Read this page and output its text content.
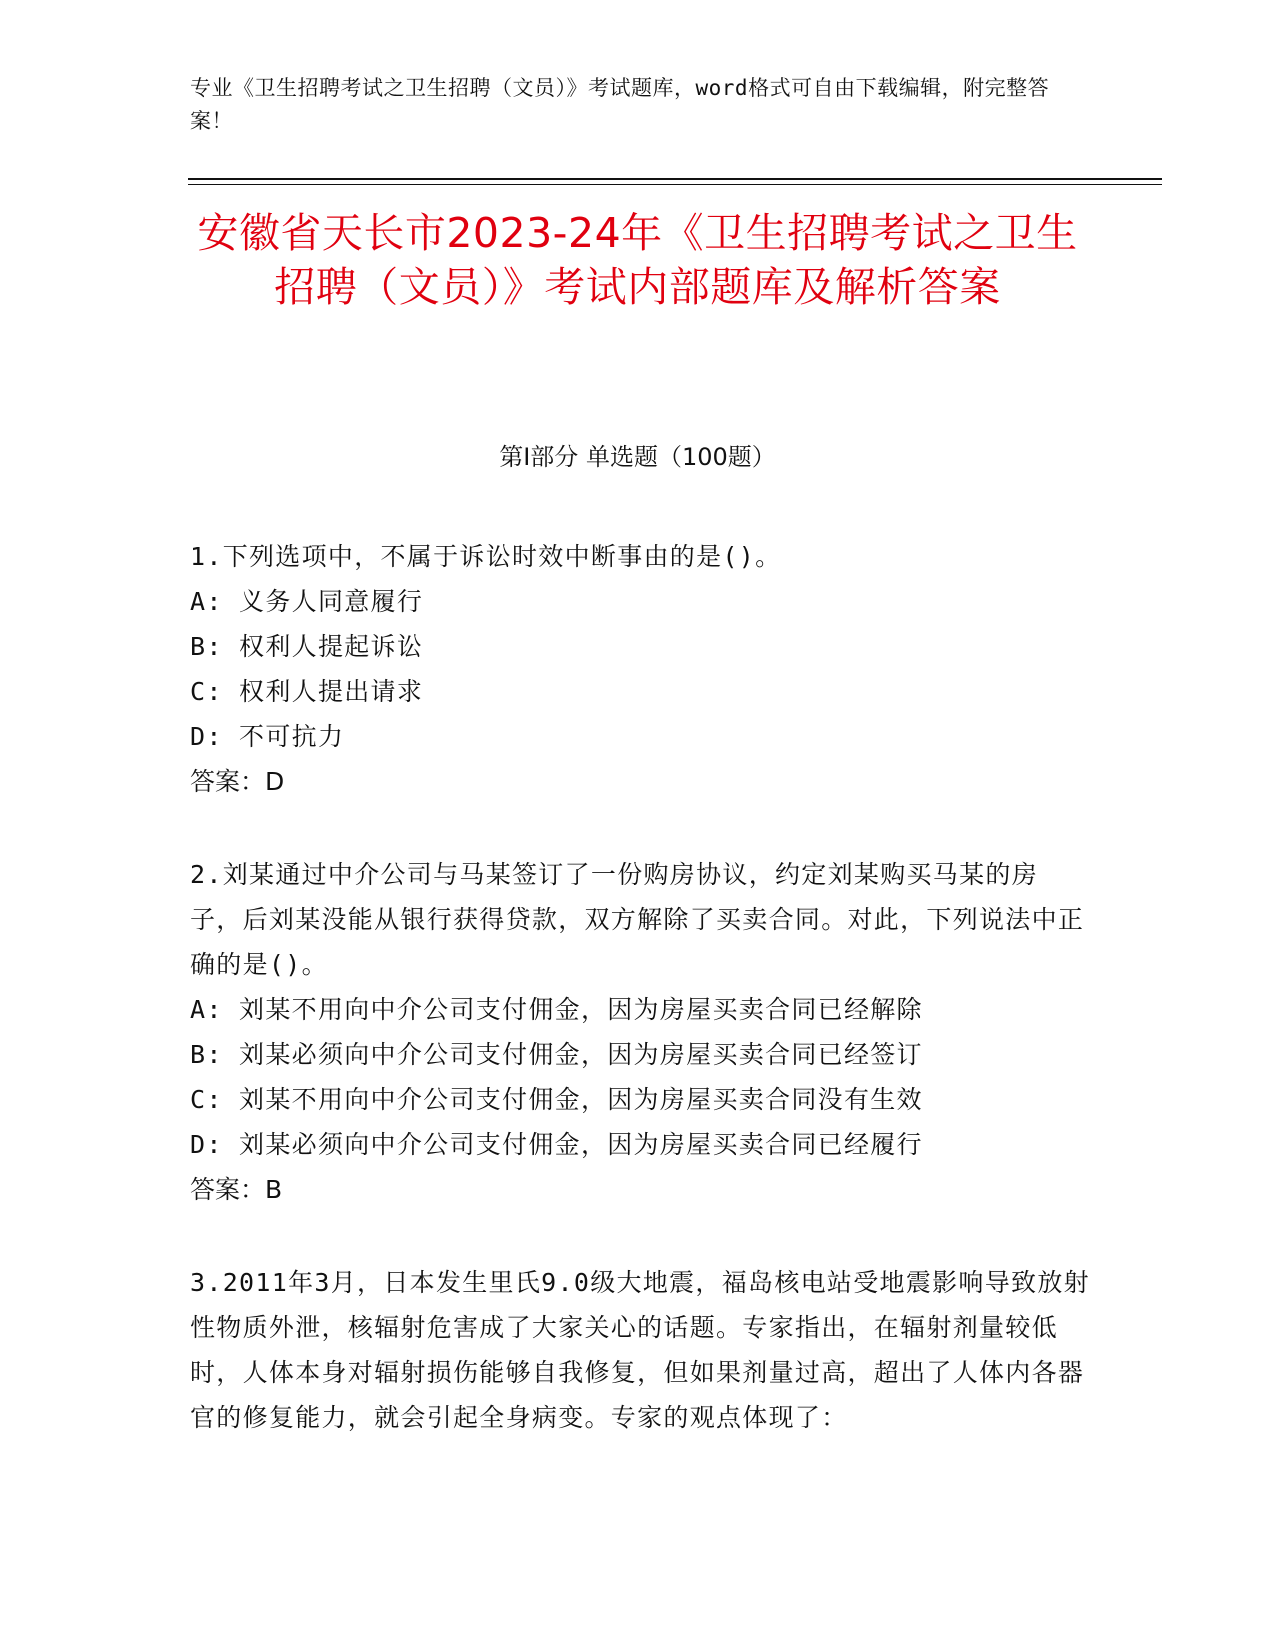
专业《卫生招聘考试之卫生招聘（文员）》考试题库，word格式可自由下载编辑，附完整答案！

安徽省天长市2023-24年《卫生招聘考试之卫生招聘（文员）》考试内部题库及解析答案
第I部分 单选题（100题）

1.下列选项中，不属于诉讼时效中断事由的是()。

A: 义务人同意履行

B: 权利人提起诉讼

C: 权利人提出请求

D: 不可抗力

答案：D

2.刘某通过中介公司与马某签订了一份购房协议，约定刘某购买马某的房子，后刘某没能从银行获得贷款，双方解除了买卖合同。对此，下列说法中正确的是()。

A: 刘某不用向中介公司支付佣金，因为房屋买卖合同已经解除

B: 刘某必须向中介公司支付佣金，因为房屋买卖合同已经签订

C: 刘某不用向中介公司支付佣金，因为房屋买卖合同没有生效

D: 刘某必须向中介公司支付佣金，因为房屋买卖合同已经履行

答案：B

3.2011年3月，日本发生里氏9.0级大地震，福岛核电站受地震影响导致放射性物质外泄，核辐射危害成了大家关心的话题。专家指出，在辐射剂量较低时，人体本身对辐射损伤能够自我修复，但如果剂量过高，超出了人体内各器官的修复能力，就会引起全身病变。专家的观点体现了：
